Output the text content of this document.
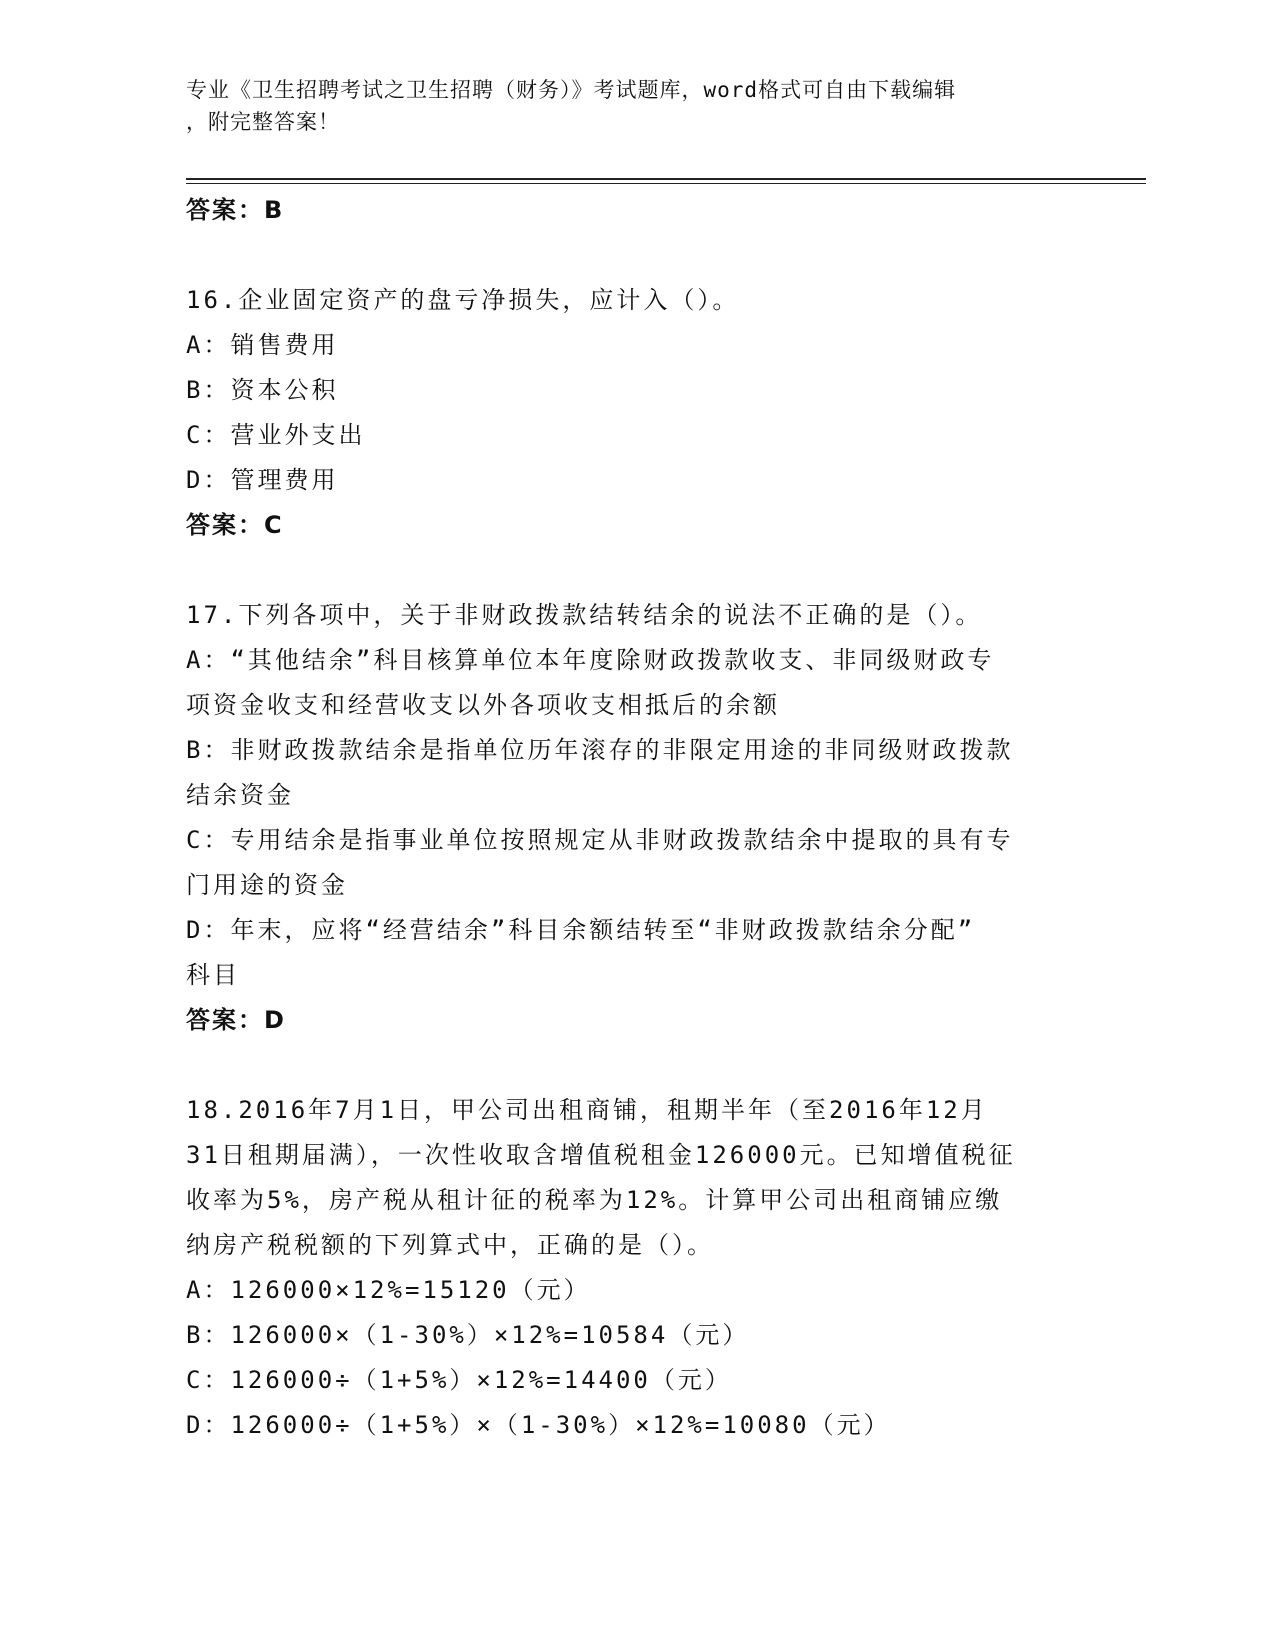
专业《卫生招聘考试之卫生招聘（财务）》考试题库，word格式可自由下载编辑
，附完整答案！
答案：B
16.企业固定资产的盘亏净损失，应计入（）。
A：销售费用
B：资本公积
C：营业外支出
D：管理费用
答案：C
17.下列各项中，关于非财政拨款结转结余的说法不正确的是（）。
A：“其他结余”科目核算单位本年度除财政拨款收支、非同级财政专
项资金收支和经营收支以外各项收支相抵后的余额
B：非财政拨款结余是指单位历年滚存的非限定用途的非同级财政拨款
结余资金
C：专用结余是指事业单位按照规定从非财政拨款结余中提取的具有专
门用途的资金
D：年末，应将“经营结余”科目余额结转至“非财政拨款结余分配”
科目
答案：D
18.2016年7月1日，甲公司出租商铺，租期半年（至2016年12月
31日租期届满），一次性收取含增值税租金126000元。已知增值税征
收率为5%，房产税从租计征的税率为12%。计算甲公司出租商铺应缴
纳房产税税额的下列算式中，正确的是（）。
A：126000×12%=15120（元）
B：126000×（1-30%）×12%=10584（元）
C：126000÷（1+5%）×12%=14400（元）
D：126000÷（1+5%）×（1-30%）×12%=10080（元）
